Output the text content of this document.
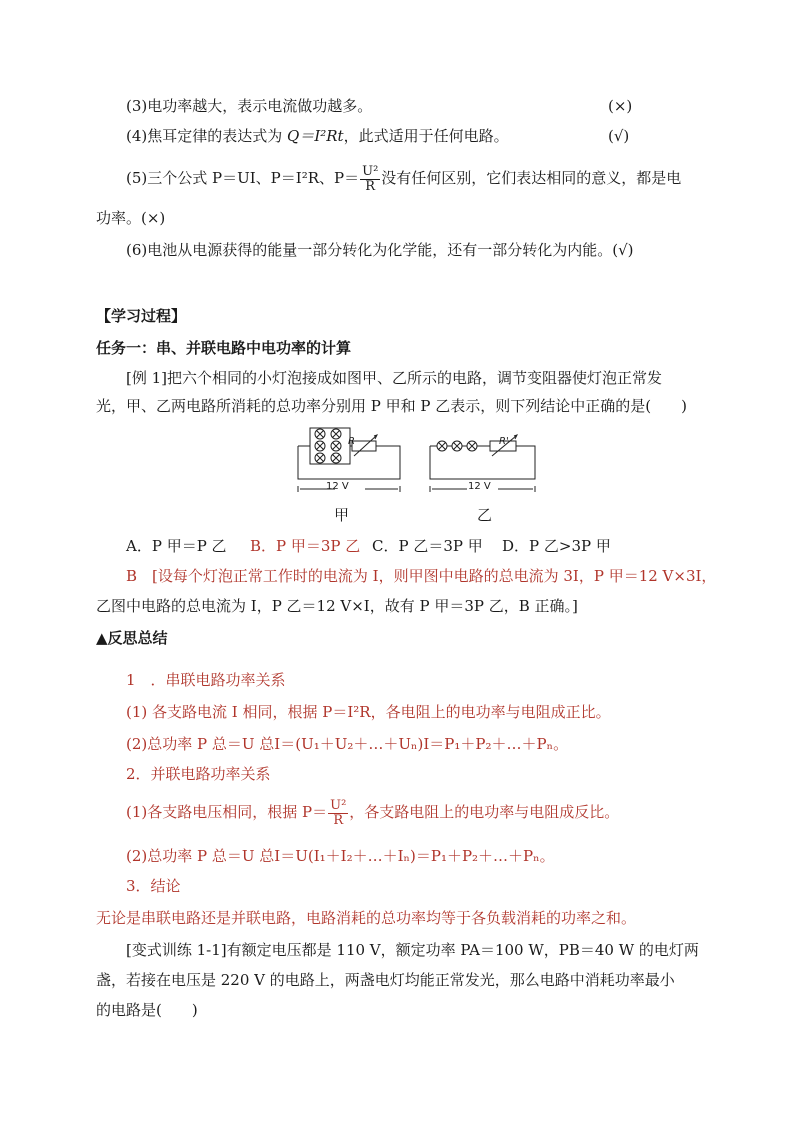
(3)电功率越大，表示电流做功越多。	(×)
(4)焦耳定律的表达式为 Q＝I²Rt，此式适用于任何电路。	(√)
(5)三个公式 P＝UI、P＝I²R、$P= \frac{\text{U²}}{R}$ 没有任何区别，它们表达相同的意义，都是电
功率。(×)
(6)电池从电源获得的能量一部分转化为化学能，还有一部分转化为内能。(√)
【学习过程】
任务一：串、并联电路中电功率的计算
[例 1]把六个相同的小灯泡接成如图甲、乙所示的电路，调节变阻器使灯泡正常发
光，甲、乙两电路所消耗的总功率分别用 P 甲和 P 乙表示，则下列结论中正确的是(　　)
R	R'
12 V	12 V
甲	乙
A．P 甲＝P 乙 B．P 甲＝3P 乙 C．P 乙＝3P 甲 D．P 乙>3P 甲
B　 [设每个灯泡正常工作时的电流为 I，则甲图中电路的总电流为 3I，P 甲＝12 V×3I，
乙图中电路的总电流为 I，P 乙＝12 V×I，故有 P 甲＝3P 乙，B 正确。]
▲反思总结
1　．串联电路功率关系
(1) 各支路电流 I 相同，根据 P＝I²R，各电阻上的电功率与电阻成正比。
(2)总功率 P 总＝U 总I＝(U₁＋U₂＋…＋Uₙ)I＝P₁＋P₂＋…＋Pₙ。
2．并联电路功率关系
(1)各支路电压相同，根据 $P= \frac{\text{U²}}{R}$ ，各支路电阻上的电功率与电阻成反比。
(2)总功率 P 总＝U 总I＝U(I₁＋I₂＋…＋Iₙ)＝P₁＋P₂＋…＋Pₙ。
3．结论
无论是串联电路还是并联电路，电路消耗的总功率均等于各负载消耗的功率之和。
[变式训练 1-1]有额定电压都是 110 V，额定功率 PA＝100 W，PB＝40 W 的电灯两
盏，若接在电压是 220 V 的电路上，两盏电灯均能正常发光，那么电路中消耗功率最小
的电路是(　　)
